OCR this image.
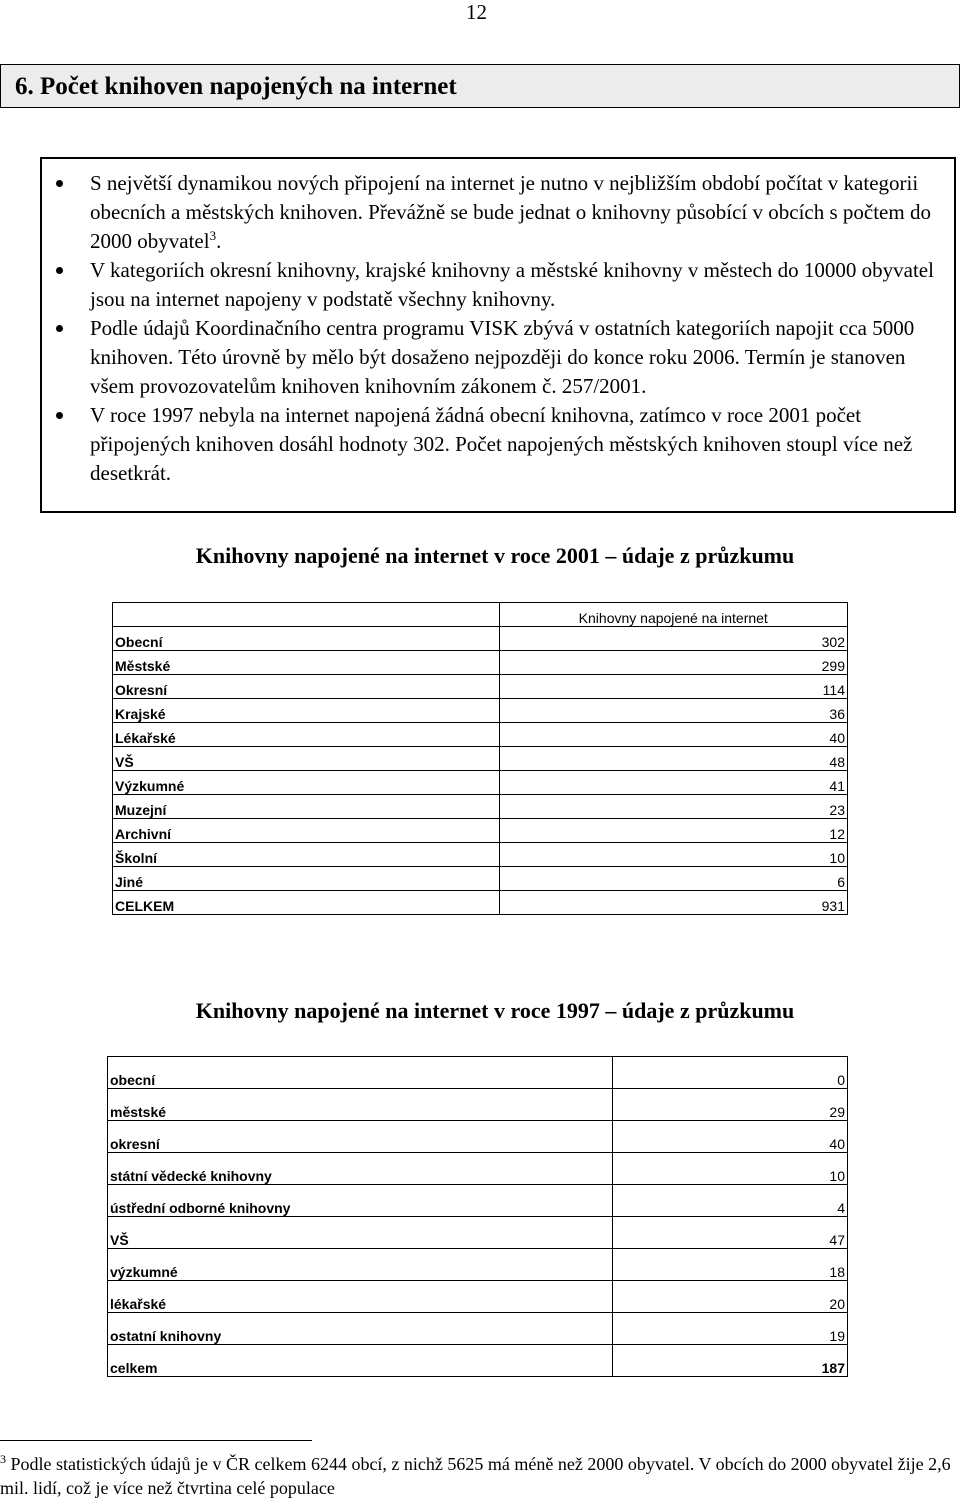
12
6. Počet knihoven napojených na internet
S největší dynamikou nových připojení na internet je nutno v nejbližším období počítat v kategorii obecních a městských knihoven. Převážně se bude jednat o knihovny působící v obcích s počtem do 2000 obyvatel$^3$.
V kategoriích okresní knihovny, krajské knihovny a městské knihovny v městech do 10000 obyvatel jsou na internet napojeny v podstatě všechny knihovny.
Podle údajů Koordinačního centra programu VISK zbývá v ostatních kategoriích napojit cca 5000 knihoven. Této úrovně by mělo být dosaženo nejpozději do konce roku 2006. Termín je stanoven všem provozovatelům knihoven knihovním zákonem č. 257/2001.
V roce 1997 nebyla na internet napojená žádná obecní knihovna, zatímco v roce 2001 počet připojených knihoven dosáhl hodnoty 302. Počet napojených městských knihoven stoupl více než desetkrát.
Knihovny napojené na internet v roce 2001 – údaje z průzkumu
	Knihovny napojené na internet
Obecní	302
Městské	299
Okresní	114
Krajské	36
Lékařské	40
VŠ	48
Výzkumné	41
Muzejní	23
Archivní	12
Školní	10
Jiné	6
CELKEM	931
Knihovny napojené na internet v roce 1997 – údaje z průzkumu
obecní	0
městské	29
okresní	40
státní vědecké knihovny	10
ústřední odborné knihovny	4
VŠ	47
výzkumné	18
lékařské	20
ostatní knihovny	19
celkem	187
$^3$ Podle statistických údajů je v ČR celkem 6244 obcí, z nichž 5625 má méně než 2000 obyvatel. V obcích do 2000 obyvatel žije 2,6 mil. lidí, což je více než čtvrtina celé populace
